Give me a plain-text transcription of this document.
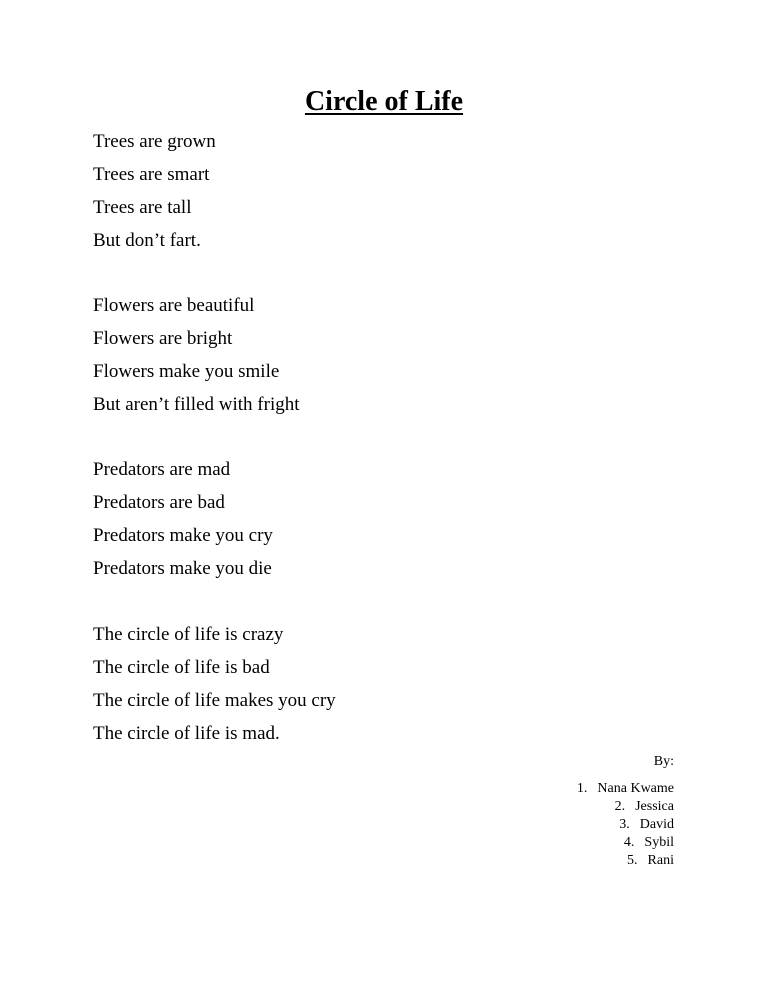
Circle of Life
Trees are grown
Trees are smart
Trees are tall
But don’t fart.
Flowers are beautiful
Flowers are bright
Flowers make you smile
But aren’t filled with fright
Predators are mad
Predators are bad
Predators make you cry
Predators make you die
The circle of life is crazy
The circle of life is bad
The circle of life makes you cry
The circle of life is mad.
By:
1. Nana Kwame
2. Jessica
3. David
4. Sybil
5. Rani
